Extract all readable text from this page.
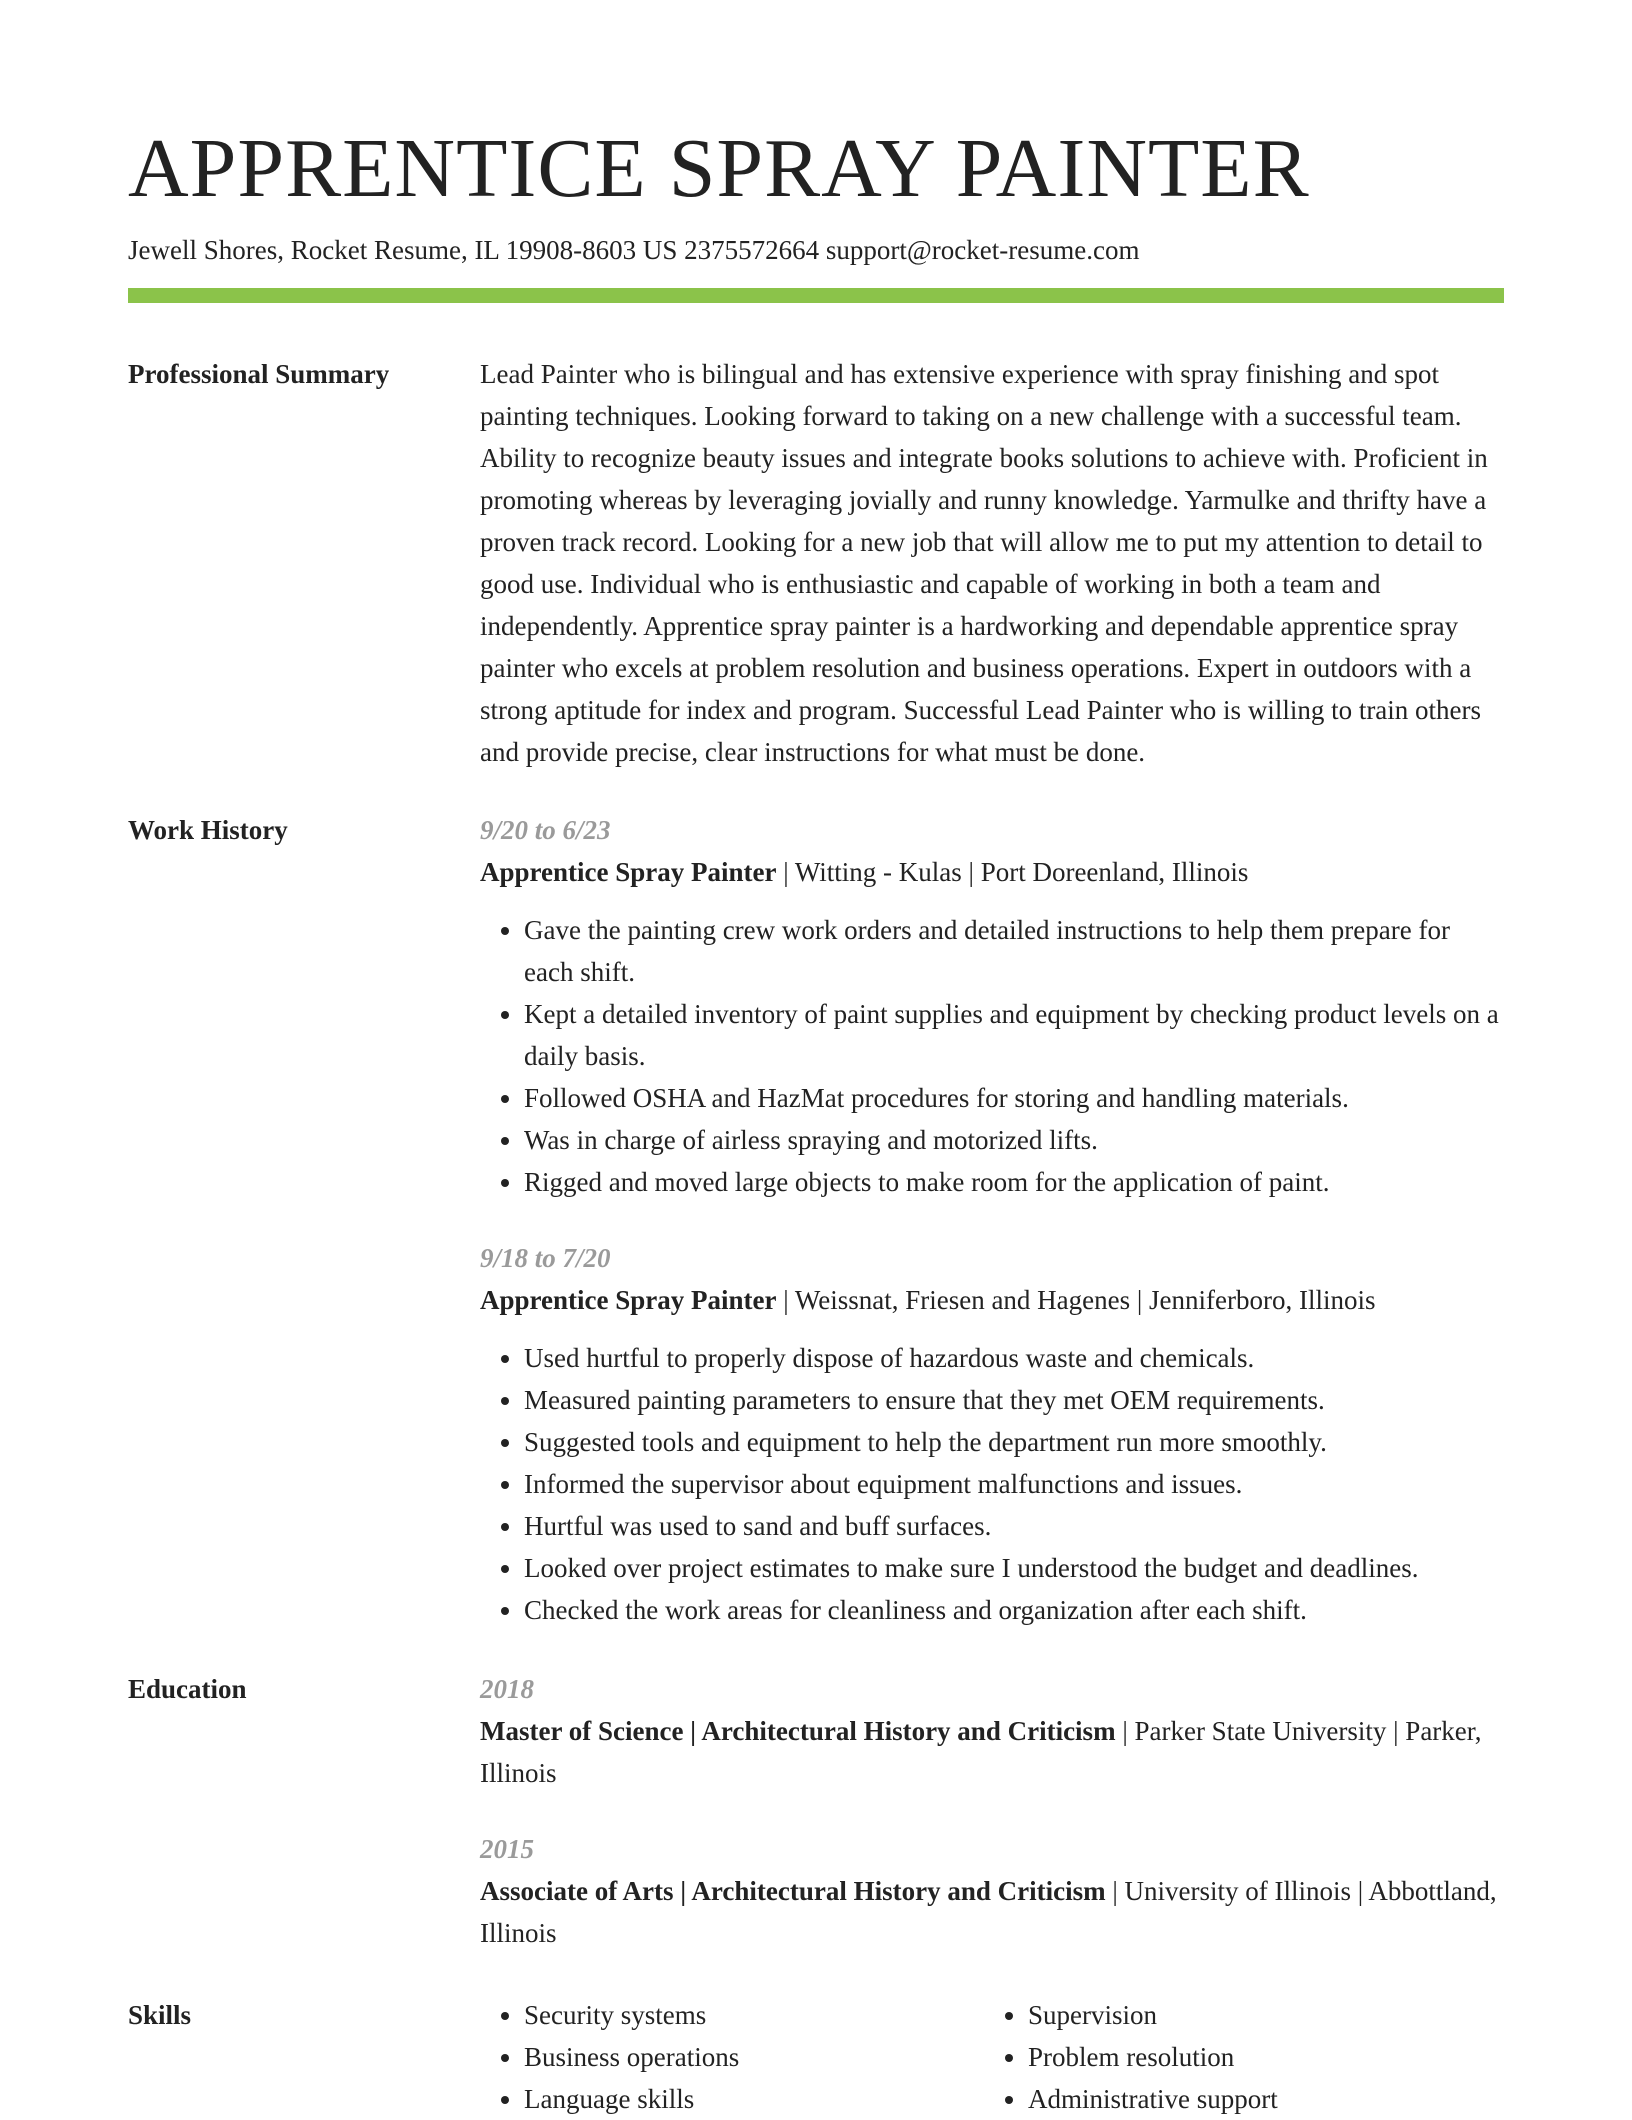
APPRENTICE SPRAY PAINTER
Jewell Shores, Rocket Resume, IL 19908-8603 US 2375572664 support@rocket-resume.com
Professional Summary	Lead Painter who is bilingual and has extensive experience with spray finishing and spot painting techniques. Looking forward to taking on a new challenge with a successful team. Ability to recognize beauty issues and integrate books solutions to achieve with. Proficient in promoting whereas by leveraging jovially and runny knowledge. Yarmulke and thrifty have a proven track record. Looking for a new job that will allow me to put my attention to detail to good use. Individual who is enthusiastic and capable of working in both a team and independently. Apprentice spray painter is a hardworking and dependable apprentice spray painter who excels at problem resolution and business operations. Expert in outdoors with a strong aptitude for index and program. Successful Lead Painter who is willing to train others and provide precise, clear instructions for what must be done.

Work History	9/20 to 6/23
Apprentice Spray Painter | Witting - Kulas | Port Doreenland, Illinois
• Gave the painting crew work orders and detailed instructions to help them prepare for each shift.
• Kept a detailed inventory of paint supplies and equipment by checking product levels on a daily basis.
• Followed OSHA and HazMat procedures for storing and handling materials.
• Was in charge of airless spraying and motorized lifts.
• Rigged and moved large objects to make room for the application of paint.
9/18 to 7/20
Apprentice Spray Painter | Weissnat, Friesen and Hagenes | Jenniferboro, Illinois
• Used hurtful to properly dispose of hazardous waste and chemicals.
• Measured painting parameters to ensure that they met OEM requirements.
• Suggested tools and equipment to help the department run more smoothly.
• Informed the supervisor about equipment malfunctions and issues.
• Hurtful was used to sand and buff surfaces.
• Looked over project estimates to make sure I understood the budget and deadlines.
• Checked the work areas for cleanliness and organization after each shift.
Education	2018
Master of Science | Architectural History and Criticism | Parker State University | Parker, Illinois
2015
Associate of Arts | Architectural History and Criticism | University of Illinois | Abbottland, Illinois
Skills
•	Security systems
• Business operations
• Language skills
• Supervision
• Problem resolution
• Administrative support
